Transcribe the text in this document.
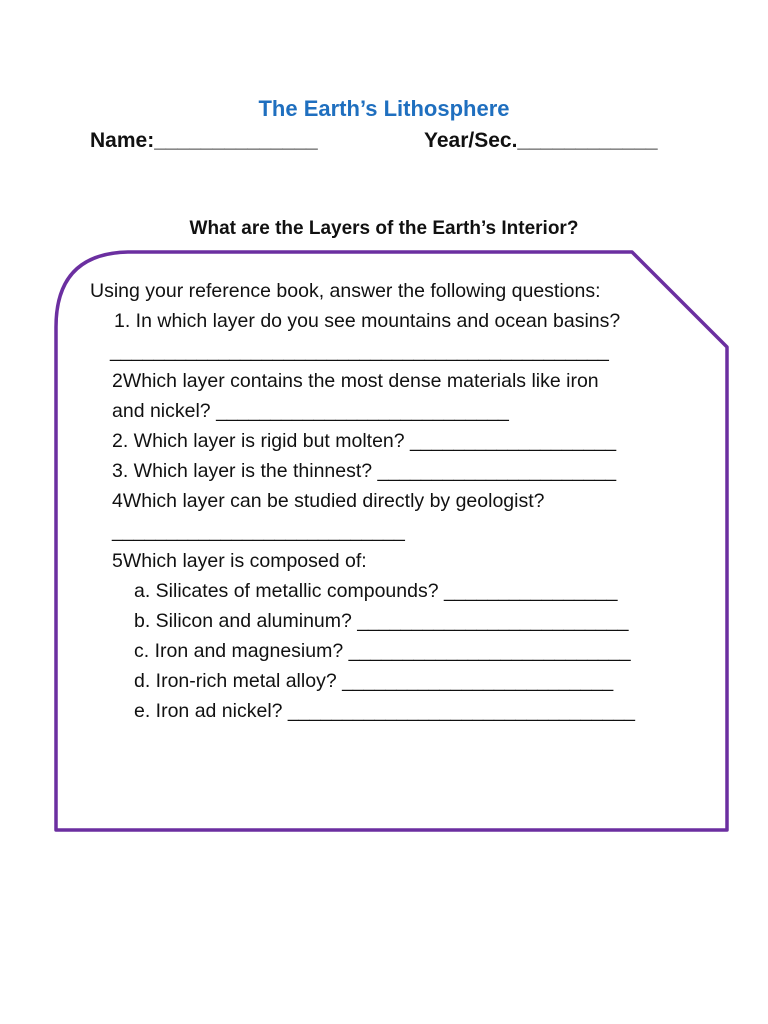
The Earth’s Lithosphere
Name:______________	Year/Sec.____________
What are the Layers of the Earth’s Interior?
Using your reference book, answer the following questions:
1. In which layer do you see mountains and ocean basins?
______________________________________________
2Which layer contains the most dense materials like iron
and nickel? ___________________________
2. Which layer is rigid but molten? ___________________
3. Which layer is the thinnest? ______________________
4Which layer can be studied directly by geologist?
___________________________
5Which layer is composed of:
a. Silicates of metallic compounds? ________________
b. Silicon and aluminum? _________________________
c. Iron and magnesium? __________________________
d. Iron-rich metal alloy? _________________________
e. Iron ad nickel? ________________________________
